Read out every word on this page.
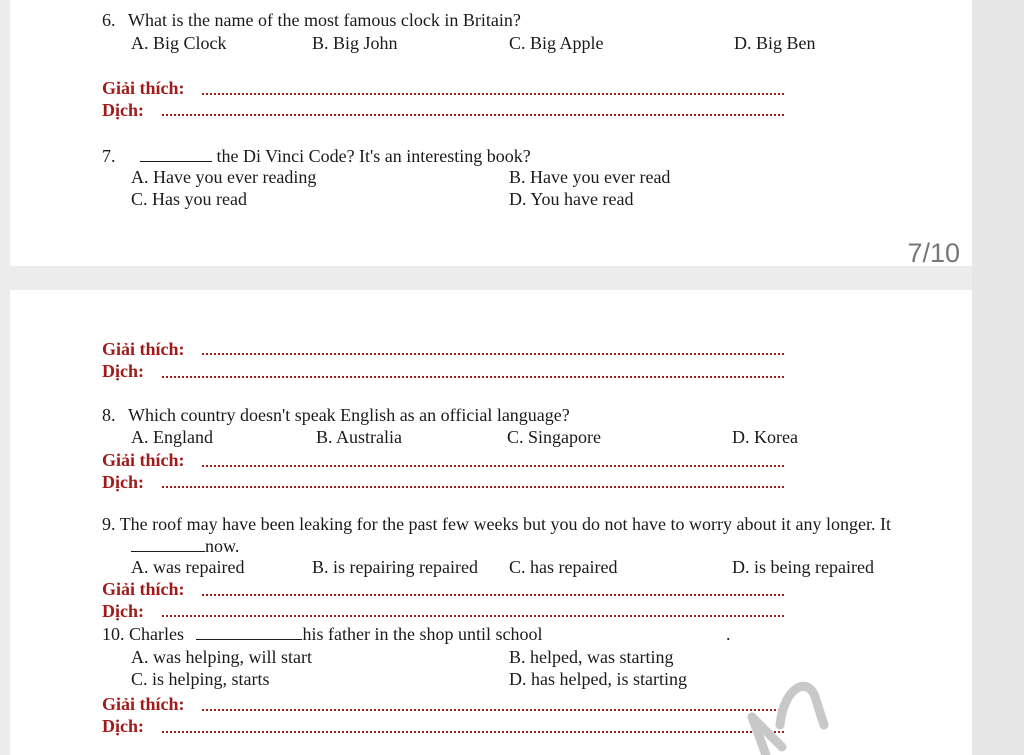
6. What is the name of the most famous clock in Britain?
A. Big Clock	B. Big John	C. Big Apple	D. Big Ben
Giải thích:
Dịch:
7.	the Di Vinci Code? It's an interesting book?
A. Have you ever reading	B. Have you ever read
C. Has you read	D. You have read
7/10
Giải thích:
Dịch:
8. Which country doesn't speak English as an official language?
A. England	B. Australia	C. Singapore	D. Korea
Giải thích:
Dịch:
9. The roof may have been leaking for the past few weeks but you do not have to worry about it any longer. It
now.
A. was repaired	B. is repairing repaired C. has repaired	D. is being repaired
Giải thích:
Dịch:
10. Charles	his father in the shop until school	.
A. was helping, will start	B. helped, was starting
C. is helping, starts	D. has helped, is starting
Giải thích:
Dịch:
